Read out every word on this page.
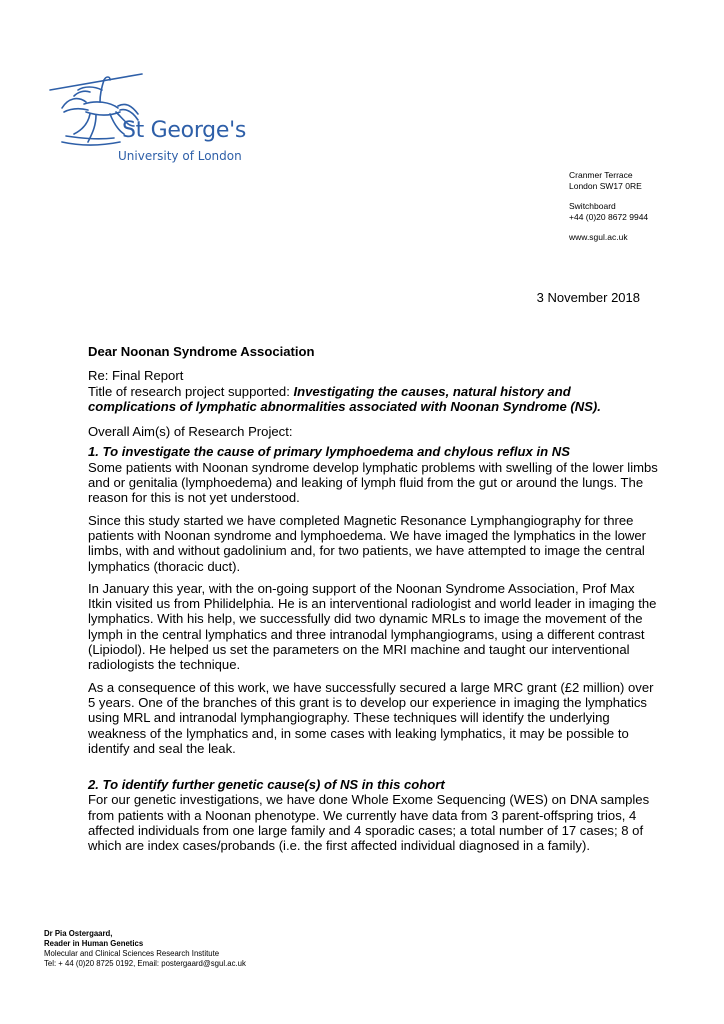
St George's
University of London
Cranmer Terrace
London SW17 0RE
Switchboard
+44 (0)20 8672 9944
www.sgul.ac.uk
3 November 2018

Dear Noonan Syndrome Association

Re: Final Report
Title of research project supported: Investigating the causes, natural history and complications of lymphatic abnormalities associated with Noonan Syndrome (NS).

Overall Aim(s) of Research Project:

1. To investigate the cause of primary lymphoedema and chylous reflux in NS

Some patients with Noonan syndrome develop lymphatic problems with swelling of the lower limbs and or genitalia (lymphoedema) and leaking of lymph fluid from the gut or around the lungs. The reason for this is not yet understood.

Since this study started we have completed Magnetic Resonance Lymphangiography for three patients with Noonan syndrome and lymphoedema. We have imaged the lymphatics in the lower limbs, with and without gadolinium and, for two patients, we have attempted to image the central lymphatics (thoracic duct).

In January this year, with the on-going support of the Noonan Syndrome Association, Prof Max Itkin visited us from Philidelphia. He is an interventional radiologist and world leader in imaging the lymphatics. With his help, we successfully did two dynamic MRLs to image the movement of the lymph in the central lymphatics and three intranodal lymphangiograms, using a different contrast (Lipiodol). He helped us set the parameters on the MRI machine and taught our interventional radiologists the technique.

As a consequence of this work, we have successfully secured a large MRC grant (£2 million) over 5 years. One of the branches of this grant is to develop our experience in imaging the lymphatics using MRL and intranodal lymphangiography. These techniques will identify the underlying weakness of the lymphatics and, in some cases with leaking lymphatics, it may be possible to identify and seal the leak.

2. To identify further genetic cause(s) of NS in this cohort

For our genetic investigations, we have done Whole Exome Sequencing (WES) on DNA samples from patients with a Noonan phenotype. We currently have data from 3 parent-offspring trios, 4 affected individuals from one large family and 4 sporadic cases; a total number of 17 cases; 8 of which are index cases/probands (i.e. the first affected individual diagnosed in a family).

Dr Pia Ostergaard,
Reader in Human Genetics
Molecular and Clinical Sciences Research Institute
Tel: + 44 (0)20 8725 0192, Email: postergaard@sgul.ac.uk
